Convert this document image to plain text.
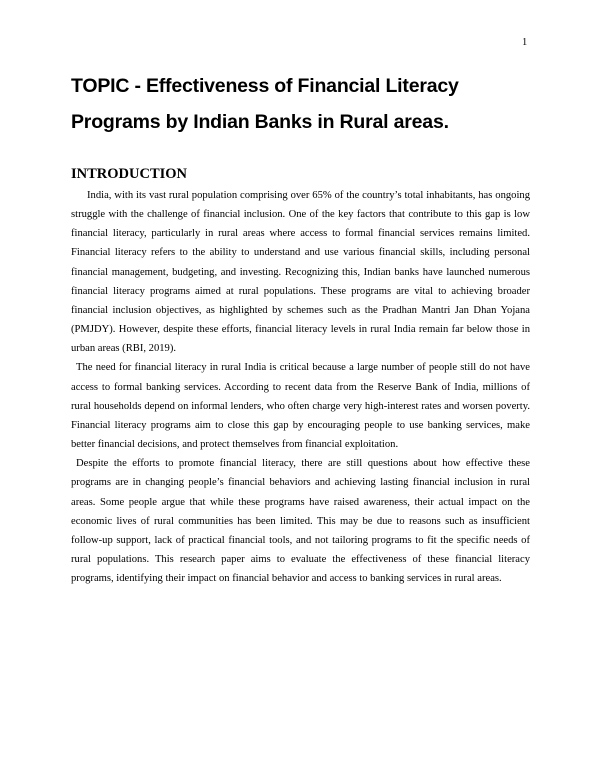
1
TOPIC - Effectiveness of Financial Literacy Programs by Indian Banks in Rural areas.
INTRODUCTION

India, with its vast rural population comprising over 65% of the country’s total inhabitants, has ongoing struggle with the challenge of financial inclusion. One of the key factors that contribute to this gap is low financial literacy, particularly in rural areas where access to formal financial services remains limited. Financial literacy refers to the ability to understand and use various financial skills, including personal financial management, budgeting, and investing. Recognizing this, Indian banks have launched numerous financial literacy programs aimed at rural populations. These programs are vital to achieving broader financial inclusion objectives, as highlighted by schemes such as the Pradhan Mantri Jan Dhan Yojana (PMJDY). However, despite these efforts, financial literacy levels in rural India remain far below those in urban areas (RBI, 2019).

The need for financial literacy in rural India is critical because a large number of people still do not have access to formal banking services. According to recent data from the Reserve Bank of India, millions of rural households depend on informal lenders, who often charge very high-interest rates and worsen poverty. Financial literacy programs aim to close this gap by encouraging people to use banking services, make better financial decisions, and protect themselves from financial exploitation.

Despite the efforts to promote financial literacy, there are still questions about how effective these programs are in changing people’s financial behaviors and achieving lasting financial inclusion in rural areas. Some people argue that while these programs have raised awareness, their actual impact on the economic lives of rural communities has been limited. This may be due to reasons such as insufficient follow-up support, lack of practical financial tools, and not tailoring programs to fit the specific needs of rural populations. This research paper aims to evaluate the effectiveness of these financial literacy programs, identifying their impact on financial behavior and access to banking services in rural areas.
